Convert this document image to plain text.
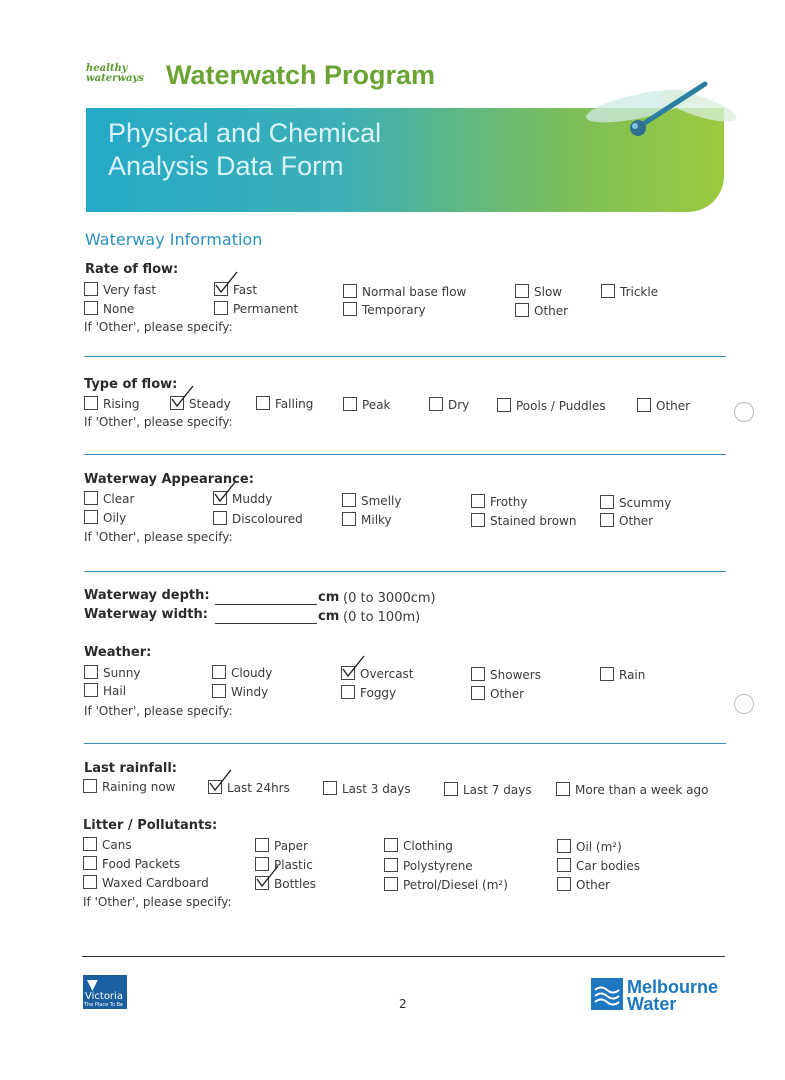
healthy
waterways Waterwatch Program
Physical and Chemical
Analysis Data Form
Waterway Information
Rate of flow:
Very fast	Fast	Normal base flow	Slow	Trickle
None	Permanent	Temporary	Other
If 'Other', please specify:
Type of flow:
Rising	Steady	Falling	Peak	Dry	Pools / Puddles	Other
If 'Other', please specify:
Waterway Appearance:
Clear	Muddy	Smelly	Frothy	Scummy
Oily	Discoloured	Milky	Stained brown	Other
If 'Other', please specify:
Waterway depth:	cm (0 to 3000cm)
Waterway width:	cm (0 to 100m)
Weather:
Sunny	Cloudy	Overcast	Showers	Rain
Hail	Windy	Foggy	Other
If 'Other', please specify:
Last rainfall:
Raining now	Last 24hrs	Last 3 days	Last 7 days	More than a week ago
Litter / Pollutants:
Cans	Paper	Clothing	Oil (m²)
Food Packets	Plastic	Polystyrene	Car bodies
Waxed Cardboard	Bottles	Petrol/Diesel (m²)	Other
If 'Other', please specify:
▼
Victoria
The Place To Be	2
Melbourne
Water
